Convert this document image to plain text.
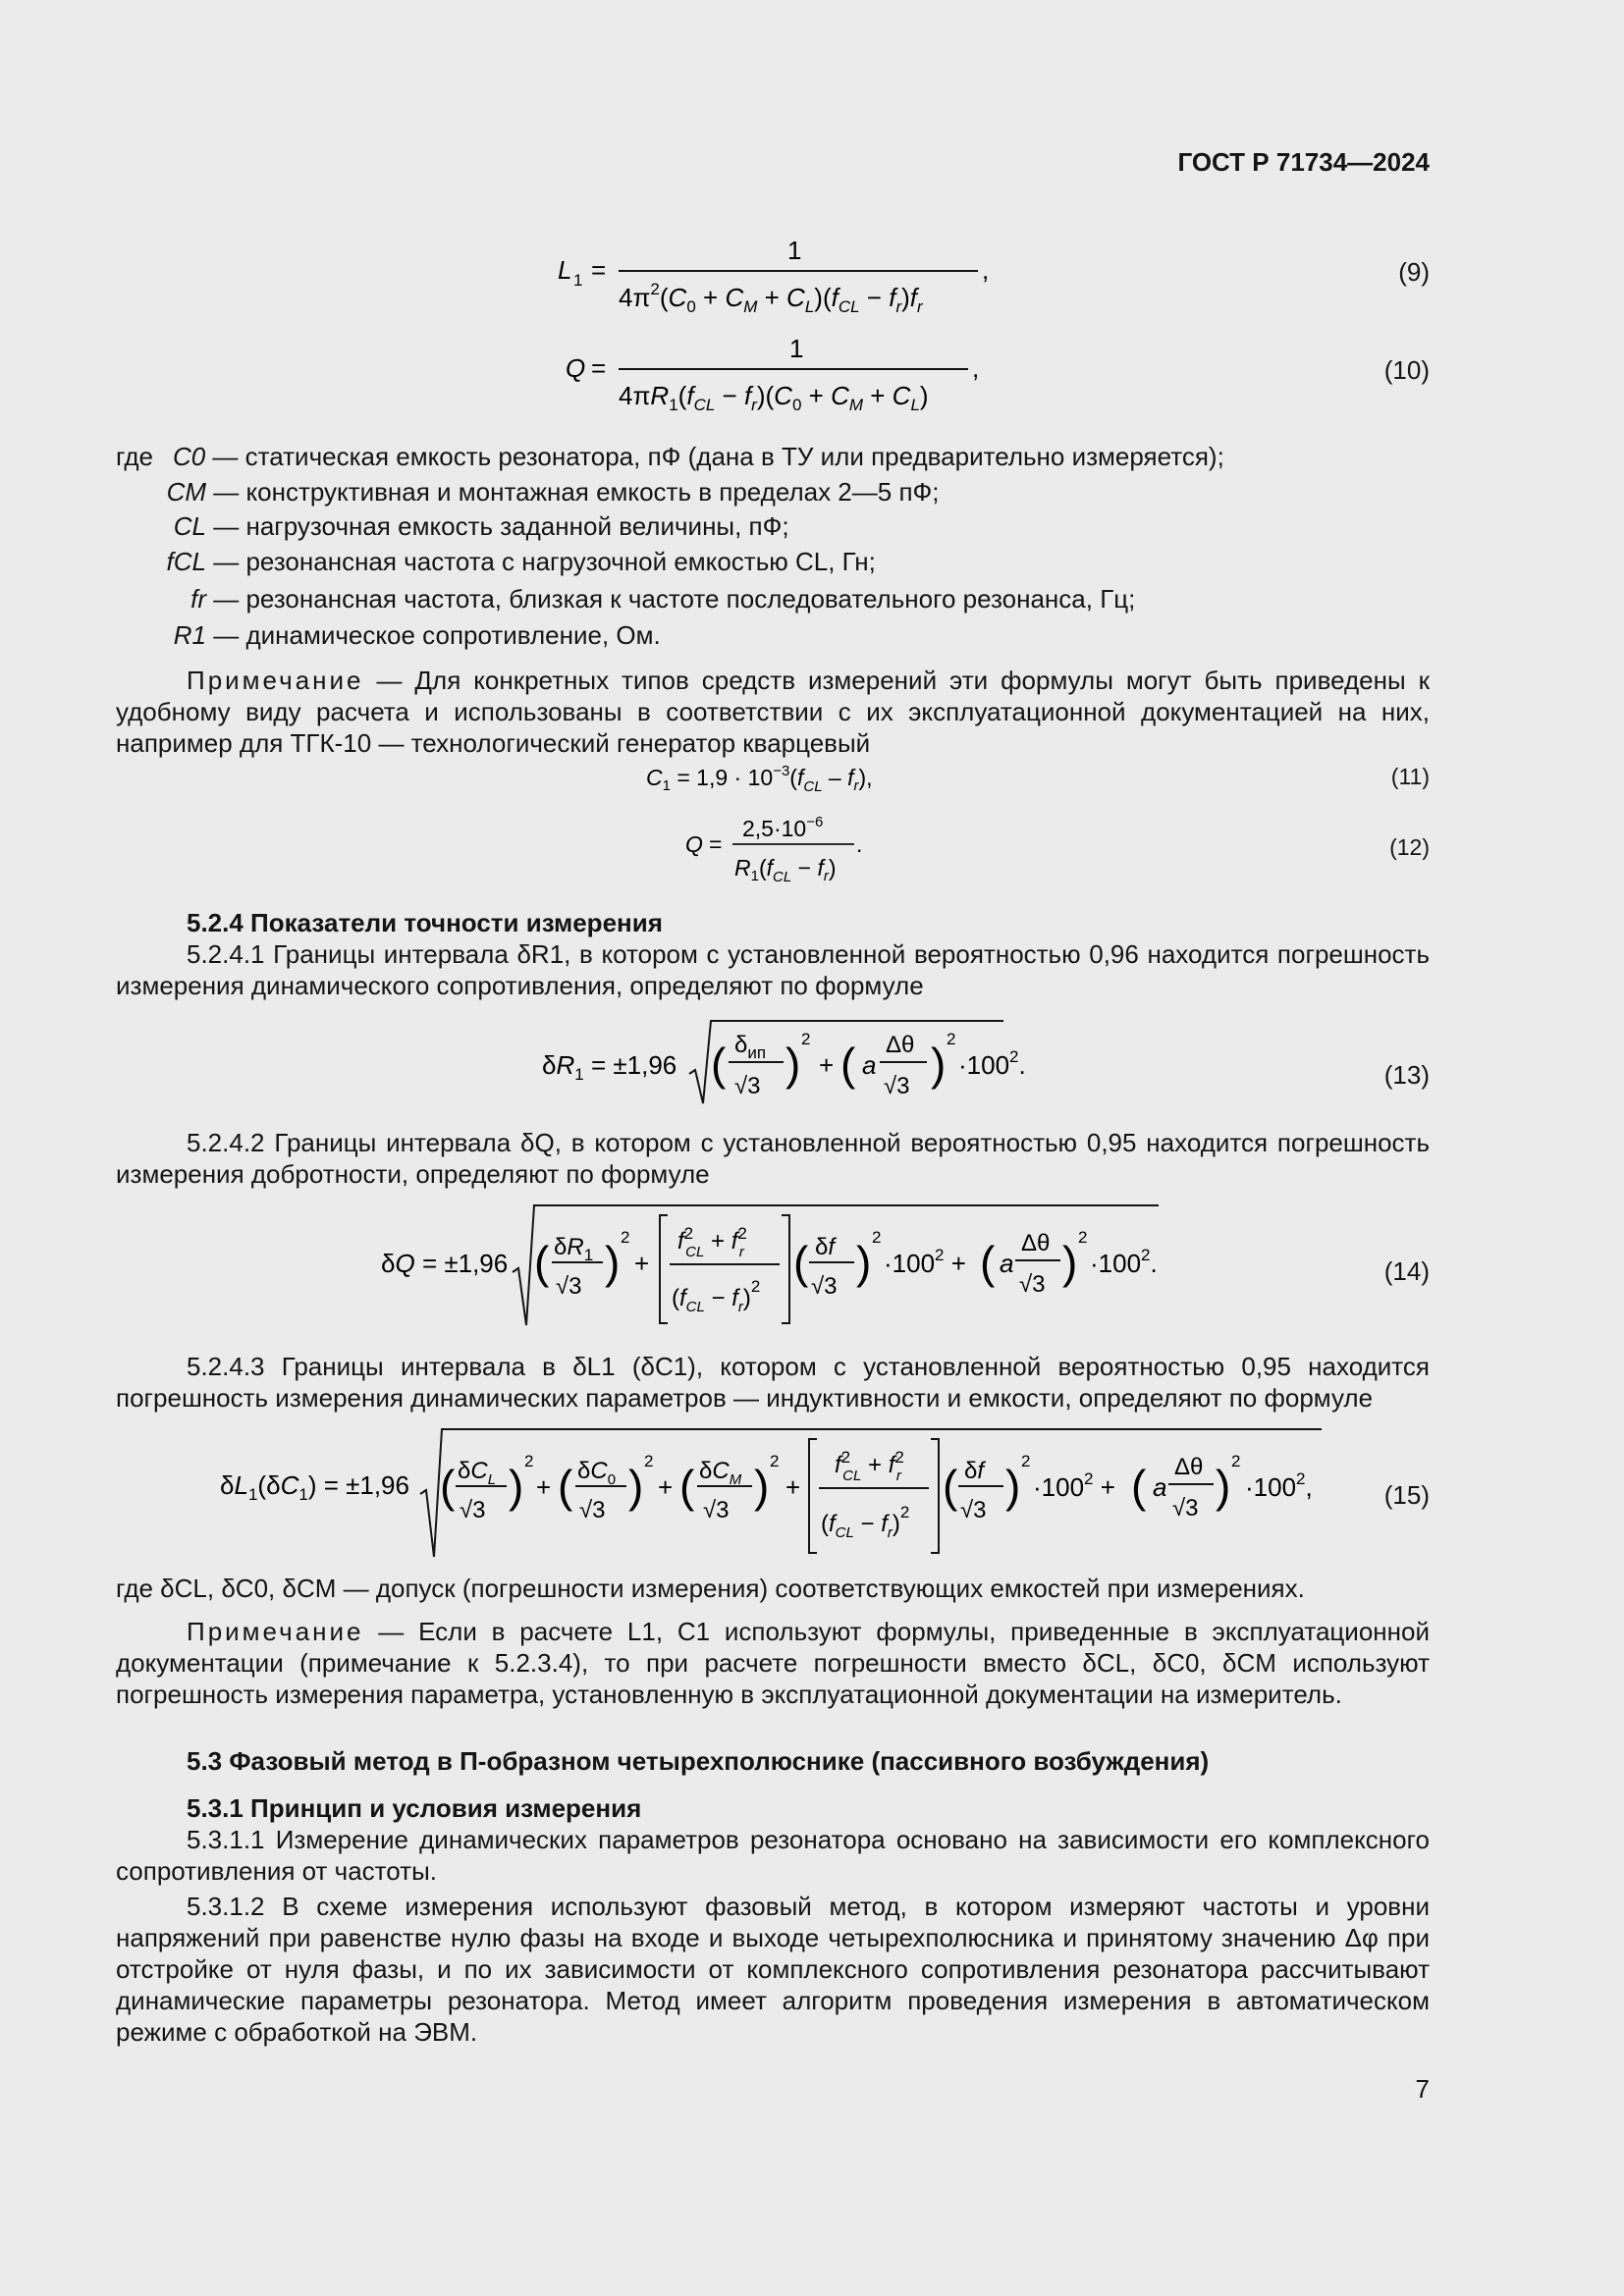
ГОСТ Р 71734—2024
L 1 =
1
$4\pi^2(C_0 + C_M + C_L)(f_{CL} - f_r)f_r$
,	(9)
Q =
1
$4\pi R_1(f_{CL} - f_r)(C_0 + C_M + C_L)$
,	(10)
где C0 — статическая емкость резонатора, пФ (дана в ТУ или предварительно измеряется);
CM — конструктивная и монтажная емкость в пределах 2—5 пФ;
CL — нагрузочная емкость заданной величины, пФ;
fCL — резонансная частота с нагрузочной емкостью CL, Гн;
fr — резонансная частота, близкая к частоте последовательного резонанса, Гц;
R1 — динамическое сопротивление, Ом.
Примечание — Для конкретных типов средств измерений эти формулы могут быть приведены к удобному виду расчета и использованы в соответствии с их эксплуатационной документацией на них, например для ТГК-10 — технологический генератор кварцевый
$C_1 = 1,9 \cdot 10^{-3}(f_{CL} - f_r)$,	(11)
Q =
$2,5\cdot 10^{-6}$
$R_1(f_{CL} - f_r)$
.	(12)
5.2.4 Показатели точности измерения
5.2.4.1 Границы интервала δR1, в котором с установленной вероятностью 0,96 находится погрешность измерения динамического сопротивления, определяют по формуле
$\delta R_1 = \pm 1,96$ ( $\delta_{ип}$
√3 ) 2
+ ( a
Δθ
√3 ) 2
$\cdot 100^2$.	(13)
5.2.4.2 Границы интервала δQ, в котором с установленной вероятностью 0,95 находится погрешность измерения добротности, определяют по формуле
δQ = ±1,96 ( $\delta R_1$
√3 ) 2
+
$f^2$ CL + $f^2$ r
$(f_{CL} - f_r)^2$ ( δf
√3 ) 2
$\cdot 100^2$ + ( a
Δθ
√3 ) 2
$\cdot 100^2$.	(14)
5.2.4.3 Границы интервала в δL1 (δC1), котором с установленной вероятностью 0,95 находится погрешность измерения динамических параметров — индуктивности и емкости, определяют по формуле
$\delta L_1(\delta C_1) = \pm 1,96$ ( $\delta C_L$
√3 ) 2
+ ( $\delta C_0$
√3 ) 2
+ ( $\delta C_M$
√3 ) 2
+
$f^2$ CL + $f^2$ r
$(f_{CL} - f_r)^2$
( δf
√3 ) 2
$\cdot 100^2$ + ( a
Δθ
√3 ) 2
$\cdot 100^2$,	(15)
где δCL, δC0, δCM — допуск (погрешности измерения) соответствующих емкостей при измерениях.
Примечание — Если в расчете L1, C1 используют формулы, приведенные в эксплуатационной документации (примечание к 5.2.3.4), то при расчете погрешности вместо δCL, δC0, δCM используют погрешность измерения параметра, установленную в эксплуатационной документации на измеритель.
5.3 Фазовый метод в П-образном четырехполюснике (пассивного возбуждения)
5.3.1 Принцип и условия измерения
5.3.1.1 Измерение динамических параметров резонатора основано на зависимости его комплексного сопротивления от частоты.
5.3.1.2 В схеме измерения используют фазовый метод, в котором измеряют частоты и уровни напряжений при равенстве нулю фазы на входе и выходе четырехполюсника и принятому значению Δφ при отстройке от нуля фазы, и по их зависимости от комплексного сопротивления резонатора рассчитывают динамические параметры резонатора. Метод имеет алгоритм проведения измерения в автоматическом режиме с обработкой на ЭВМ.
7
